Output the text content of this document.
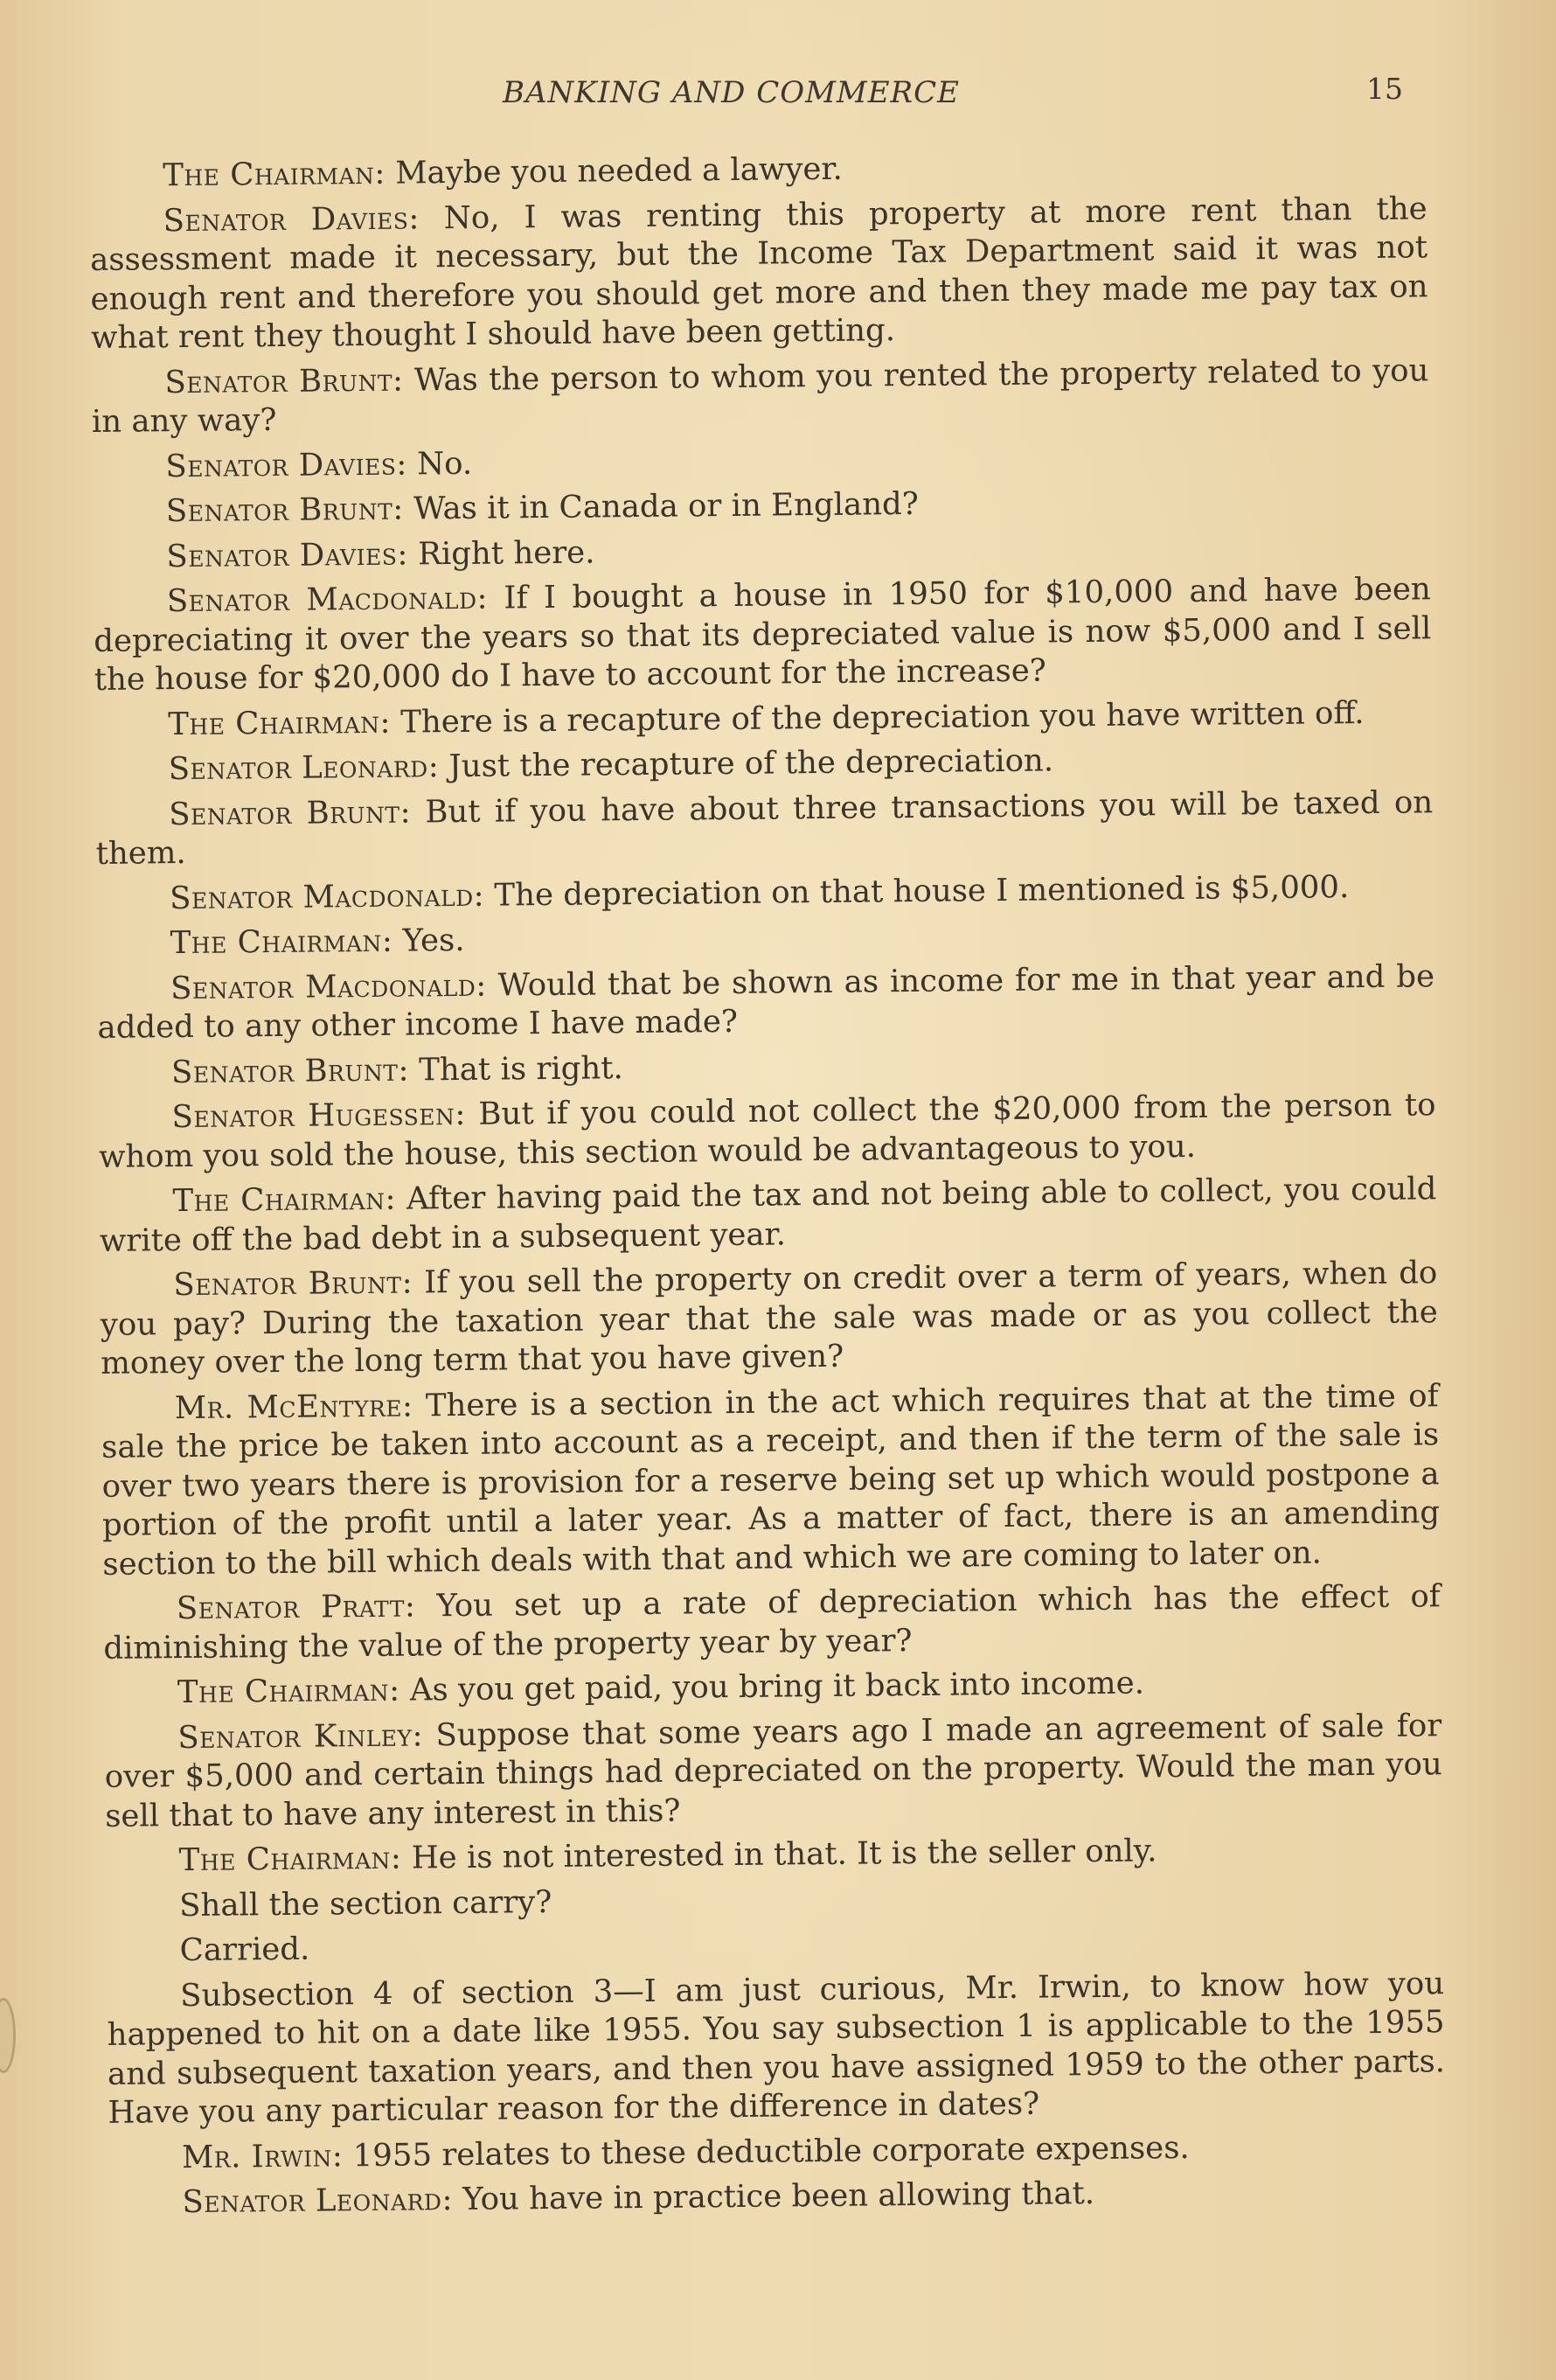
BANKING AND COMMERCE	15

The Chairman: Maybe you needed a lawyer.

Senator Davies: No, I was renting this property at more rent than the assessment made it necessary, but the Income Tax Department said it was not enough rent and therefore you should get more and then they made me pay tax on what rent they thought I should have been getting.

Senator Brunt: Was the person to whom you rented the property related to you in any way?

Senator Davies: No.

Senator Brunt: Was it in Canada or in England?

Senator Davies: Right here.

Senator Macdonald: If I bought a house in 1950 for $10,000 and have been depreciating it over the years so that its depreciated value is now $5,000 and I sell the house for $20,000 do I have to account for the increase?

The Chairman: There is a recapture of the depreciation you have written off.

Senator Leonard: Just the recapture of the depreciation.

Senator Brunt: But if you have about three transactions you will be taxed on them.

Senator Macdonald: The depreciation on that house I mentioned is $5,000.

The Chairman: Yes.

Senator Macdonald: Would that be shown as income for me in that year and be added to any other income I have made?

Senator Brunt: That is right.

Senator Hugessen: But if you could not collect the $20,000 from the person to whom you sold the house, this section would be advantageous to you.

The Chairman: After having paid the tax and not being able to collect, you could write off the bad debt in a subsequent year.

Senator Brunt: If you sell the property on credit over a term of years, when do you pay? During the taxation year that the sale was made or as you collect the money over the long term that you have given?

Mr. McEntyre: There is a section in the act which requires that at the time of sale the price be taken into account as a receipt, and then if the term of the sale is over two years there is provision for a reserve being set up which would postpone a portion of the profit until a later year. As a matter of fact, there is an amending section to the bill which deals with that and which we are coming to later on.

Senator Pratt: You set up a rate of depreciation which has the effect of diminishing the value of the property year by year?

The Chairman: As you get paid, you bring it back into income.

Senator Kinley: Suppose that some years ago I made an agreement of sale for over $5,000 and certain things had depreciated on the property. Would the man you sell that to have any interest in this?

The Chairman: He is not interested in that. It is the seller only.

Shall the section carry?

Carried.

Subsection 4 of section 3—I am just curious, Mr. Irwin, to know how you happened to hit on a date like 1955. You say subsection 1 is applicable to the 1955 and subsequent taxation years, and then you have assigned 1959 to the other parts. Have you any particular reason for the difference in dates?

Mr. Irwin: 1955 relates to these deductible corporate expenses.

Senator Leonard: You have in practice been allowing that.
